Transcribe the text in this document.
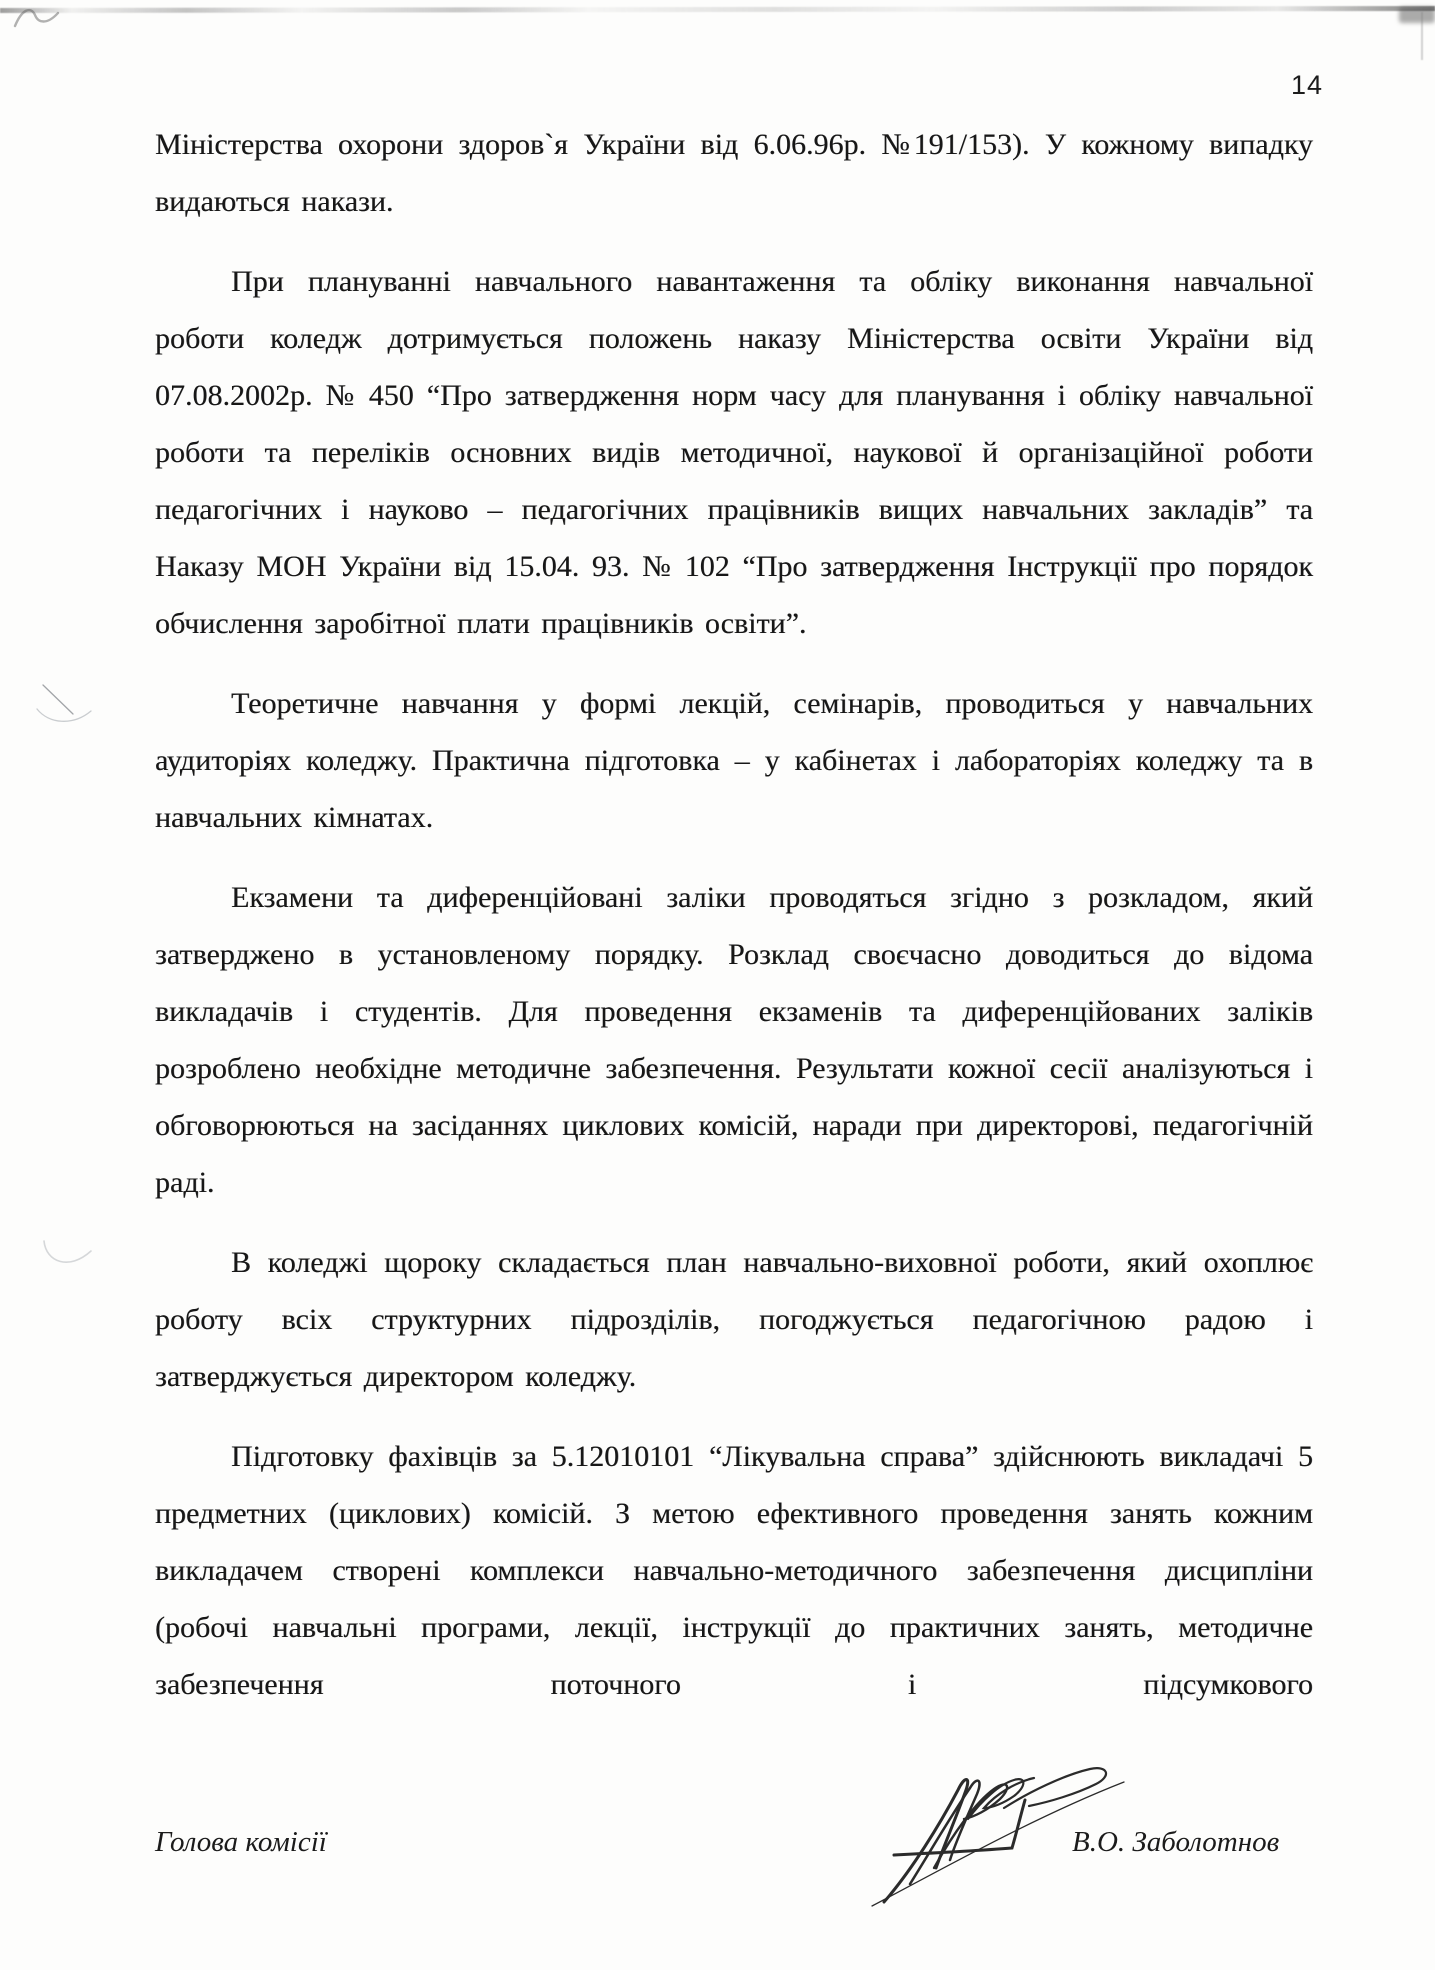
14

Міністерства охорони здоров`я України від 6.06.96р. №191/153). У кожному випадку видаються накази.

При плануванні навчального навантаження та обліку виконання навчальної роботи коледж дотримується положень наказу Міністерства освіти України від 07.08.2002р. № 450 “Про затвердження норм часу для планування і обліку навчальної роботи та переліків основних видів методичної, наукової й організаційної роботи педагогічних і науково – педагогічних працівників вищих навчальних закладів” та Наказу МОН України від 15.04. 93. № 102 “Про затвердження Інструкції про порядок обчислення заробітної плати працівників освіти”.

Теоретичне навчання у формі лекцій, семінарів, проводиться у навчальних аудиторіях коледжу. Практична підготовка – у кабінетах і лабораторіях коледжу та в навчальних кімнатах.

Екзамени та диференційовані заліки проводяться згідно з розкладом, який затверджено в установленому порядку. Розклад своєчасно доводиться до відома викладачів і студентів. Для проведення екзаменів та диференційованих заліків розроблено необхідне методичне забезпечення. Результати кожної сесії аналізуються і обговорюються на засіданнях циклових комісій, наради при директорові, педагогічній раді.

В коледжі щороку складається план навчально-виховної роботи, який охоплює роботу всіх структурних підрозділів, погоджується педагогічною радою і затверджується директором коледжу.

Підготовку фахівців за 5.12010101 “Лікувальна справа” здійснюють викладачі 5 предметних (циклових) комісій. З метою ефективного проведення занять кожним викладачем створені комплекси навчально-методичного забезпечення дисципліни (робочі навчальні програми, лекції, інструкції до практичних занять, методичне забезпечення поточного і підсумкового

Голова комісії	В.О. Заболотнов
